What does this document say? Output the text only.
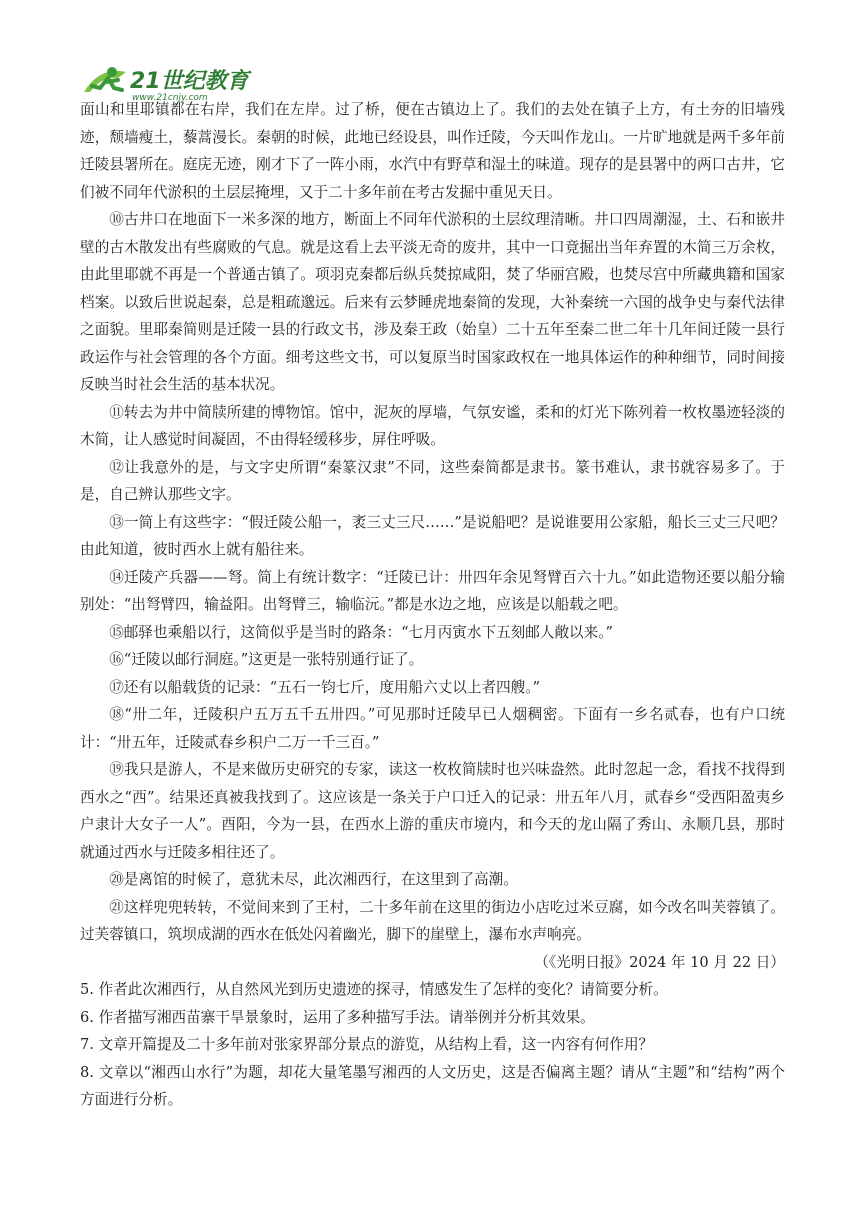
21世纪教育
www.21cnjy.com

面山和里耶镇都在右岸，我们在左岸。过了桥，便在古镇边上了。我们的去处在镇子上方，有土夯的旧墙残迹，颓墙瘦土，藜蒿漫长。秦朝的时候，此地已经设县，叫作迁陵，今天叫作龙山。一片旷地就是两千多年前迁陵县署所在。庭庑无迹，刚才下了一阵小雨，水汽中有野草和湿土的味道。现存的是县署中的两口古井，它们被不同年代淤积的土层层掩埋，又于二十多年前在考古发掘中重见天日。

⑩古井口在地面下一米多深的地方，断面上不同年代淤积的土层纹理清晰。井口四周潮湿，土、石和嵌井壁的古木散发出有些腐败的气息。就是这看上去平淡无奇的废井，其中一口竟掘出当年弃置的木简三万余枚，由此里耶就不再是一个普通古镇了。项羽克秦都后纵兵焚掠咸阳，焚了华丽宫殿，也焚尽宫中所藏典籍和国家档案。以致后世说起秦，总是粗疏邈远。后来有云梦睡虎地秦简的发现，大补秦统一六国的战争史与秦代法律之面貌。里耶秦简则是迁陵一县的行政文书，涉及秦王政（始皇）二十五年至秦二世二年十几年间迁陵一县行政运作与社会管理的各个方面。细考这些文书，可以复原当时国家政权在一地具体运作的种种细节，同时间接反映当时社会生活的基本状况。

⑪转去为井中简牍所建的博物馆。馆中，泥灰的厚墙，气氛安谧，柔和的灯光下陈列着一枚枚墨迹轻淡的木简，让人感觉时间凝固，不由得轻缓移步，屏住呼吸。

⑫让我意外的是，与文字史所谓“秦篆汉隶”不同，这些秦简都是隶书。篆书难认，隶书就容易多了。于是，自己辨认那些文字。

⑬一简上有这些字：“假迁陵公船一，袤三丈三尺……”是说船吧？是说谁要用公家船，船长三丈三尺吧？由此知道，彼时西水上就有船往来。

⑭迁陵产兵器——弩。简上有统计数字：“迁陵已计：卅四年余见弩臂百六十九。”如此造物还要以船分输别处：“出弩臂四，输益阳。出弩臂三，输临沅。”都是水边之地，应该是以船载之吧。

⑮邮驿也乘船以行，这简似乎是当时的路条：“七月丙寅水下五刻邮人敞以来。”

⑯“迁陵以邮行洞庭。”这更是一张特别通行证了。

⑰还有以船载货的记录：“五石一钧七斤，度用船六丈以上者四艘。”

⑱“卅二年，迁陵积户五万五千五卅四。”可见那时迁陵早已人烟稠密。下面有一乡名贰春，也有户口统计：“卅五年，迁陵贰春乡积户二万一千三百。”

⑲我只是游人，不是来做历史研究的专家，读这一枚枚简牍时也兴味盎然。此时忽起一念，看找不找得到西水之“西”。结果还真被我找到了。这应该是一条关于户口迁入的记录：卅五年八月，贰春乡“受西阳盈夷乡户隶计大女子一人”。酉阳，今为一县，在西水上游的重庆市境内，和今天的龙山隔了秀山、永顺几县，那时就通过西水与迁陵多相往还了。

⑳是离馆的时候了，意犹未尽，此次湘西行，在这里到了高潮。

㉑这样兜兜转转，不觉间来到了王村，二十多年前在这里的街边小店吃过米豆腐，如今改名叫芙蓉镇了。过芙蓉镇口，筑坝成湖的西水在低处闪着幽光，脚下的崖壁上，瀑布水声响亮。

（《光明日报》2024 年 10 月 22 日）

5. 作者此次湘西行，从自然风光到历史遗迹的探寻，情感发生了怎样的变化？请简要分析。

6. 作者描写湘西苗寨干旱景象时，运用了多种描写手法。请举例并分析其效果。

7. 文章开篇提及二十多年前对张家界部分景点的游览，从结构上看，这一内容有何作用？

8. 文章以“湘西山水行”为题，却花大量笔墨写湘西的人文历史，这是否偏离主题？请从“主题”和“结构”两个方面进行分析。
